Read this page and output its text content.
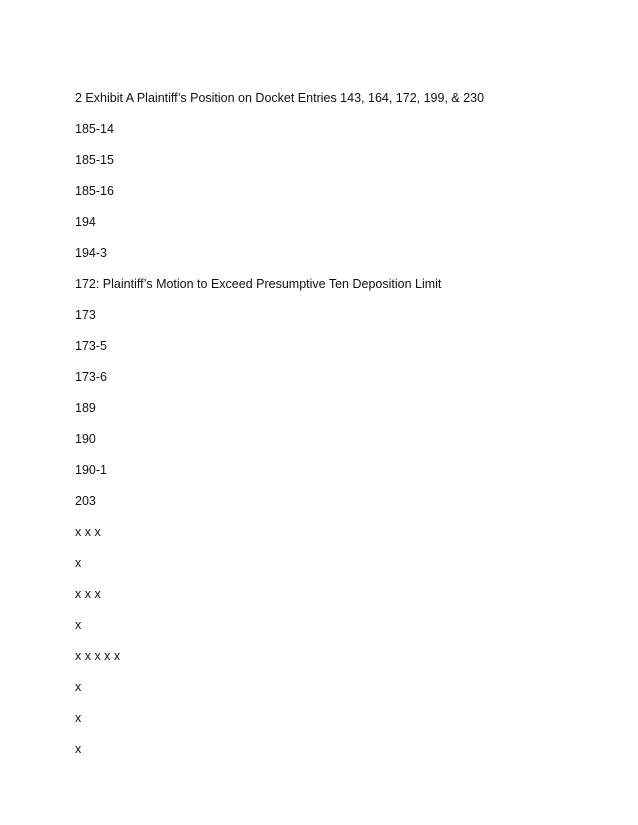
2 Exhibit A Plaintiff’s Position on Docket Entries 143, 164, 172, 199, & 230
185-14
185-15
185-16
194
194-3
172: Plaintiff’s Motion to Exceed Presumptive Ten Deposition Limit
173
173-5
173-6
189
190
190-1
203
x x x
x
x x x
x
x x x x x
x
x
x
